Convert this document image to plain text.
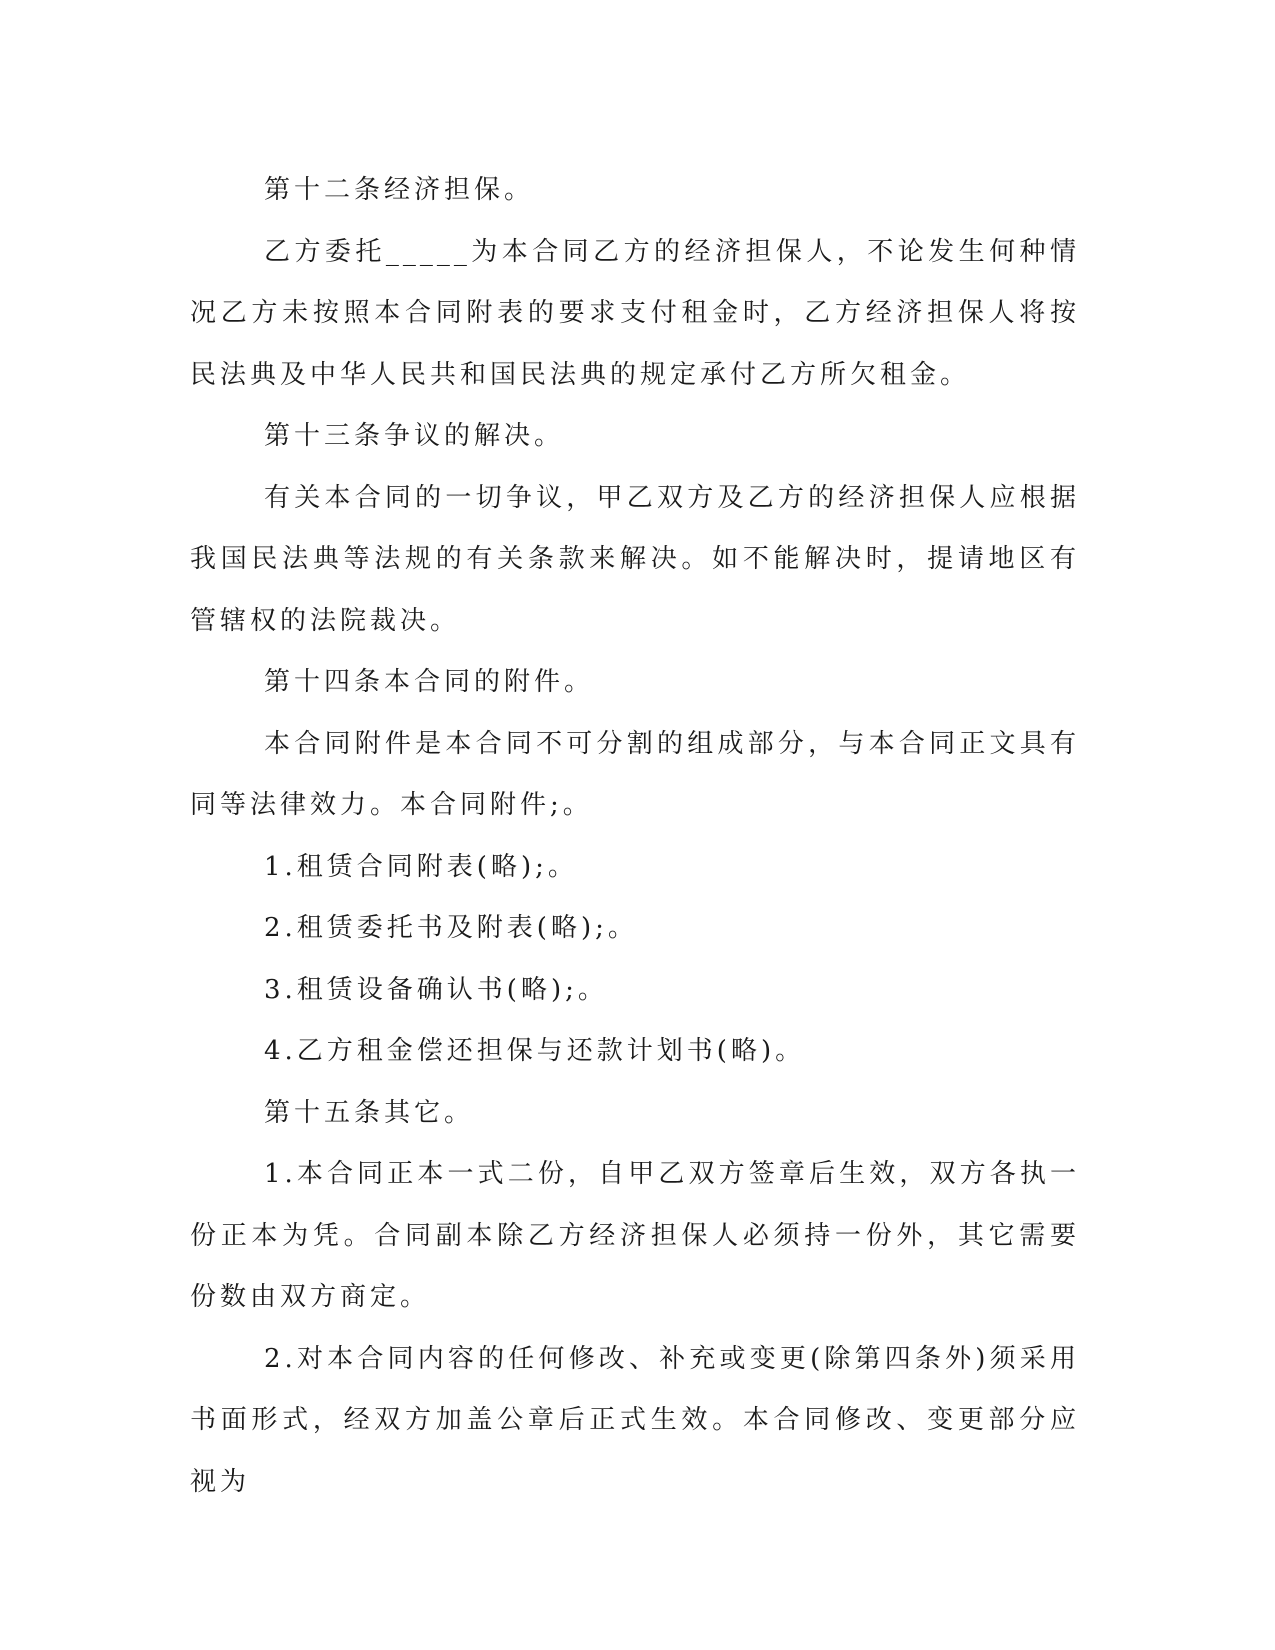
第十二条经济担保。

乙方委托_____为本合同乙方的经济担保人，不论发生何种情况乙方未按照本合同附表的要求支付租金时，乙方经济担保人将按民法典及中华人民共和国民法典的规定承付乙方所欠租金。

第十三条争议的解决。

有关本合同的一切争议，甲乙双方及乙方的经济担保人应根据我国民法典等法规的有关条款来解决。如不能解决时，提请地区有管辖权的法院裁决。

第十四条本合同的附件。

本合同附件是本合同不可分割的组成部分，与本合同正文具有同等法律效力。本合同附件;。

1.租赁合同附表(略);。

2.租赁委托书及附表(略);。

3.租赁设备确认书(略);。

4.乙方租金偿还担保与还款计划书(略)。

第十五条其它。

1.本合同正本一式二份，自甲乙双方签章后生效，双方各执一份正本为凭。合同副本除乙方经济担保人必须持一份外，其它需要份数由双方商定。

2.对本合同内容的任何修改、补充或变更(除第四条外)须采用书面形式，经双方加盖公章后正式生效。本合同修改、变更部分应视为
